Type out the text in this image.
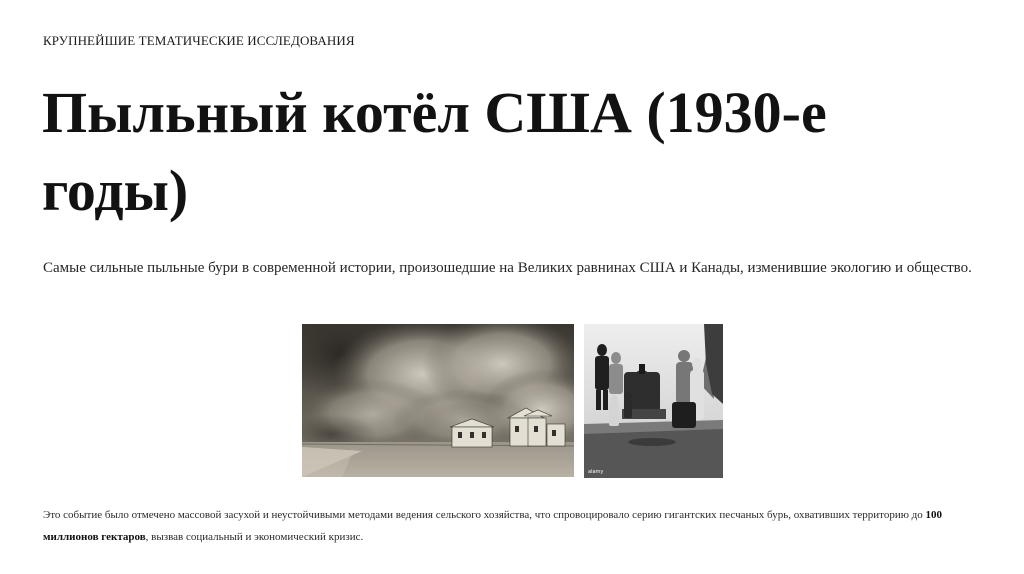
КРУПНЕЙШИЕ ТЕМАТИЧЕСКИЕ ИССЛЕДОВАНИЯ
Пыльный котёл США (1930-е годы)

Самые сильные пыльные бури в современной истории, произошедшие на Великих равнинах США и Канады, изменившие экологию и общество.

alamy

Это событие было отмечено массовой засухой и неустойчивыми методами ведения сельского хозяйства, что спровоцировало серию гигантских песчаных бурь, охвативших территорию до 100 миллионов гектаров, вызвав социальный и экономический кризис.
